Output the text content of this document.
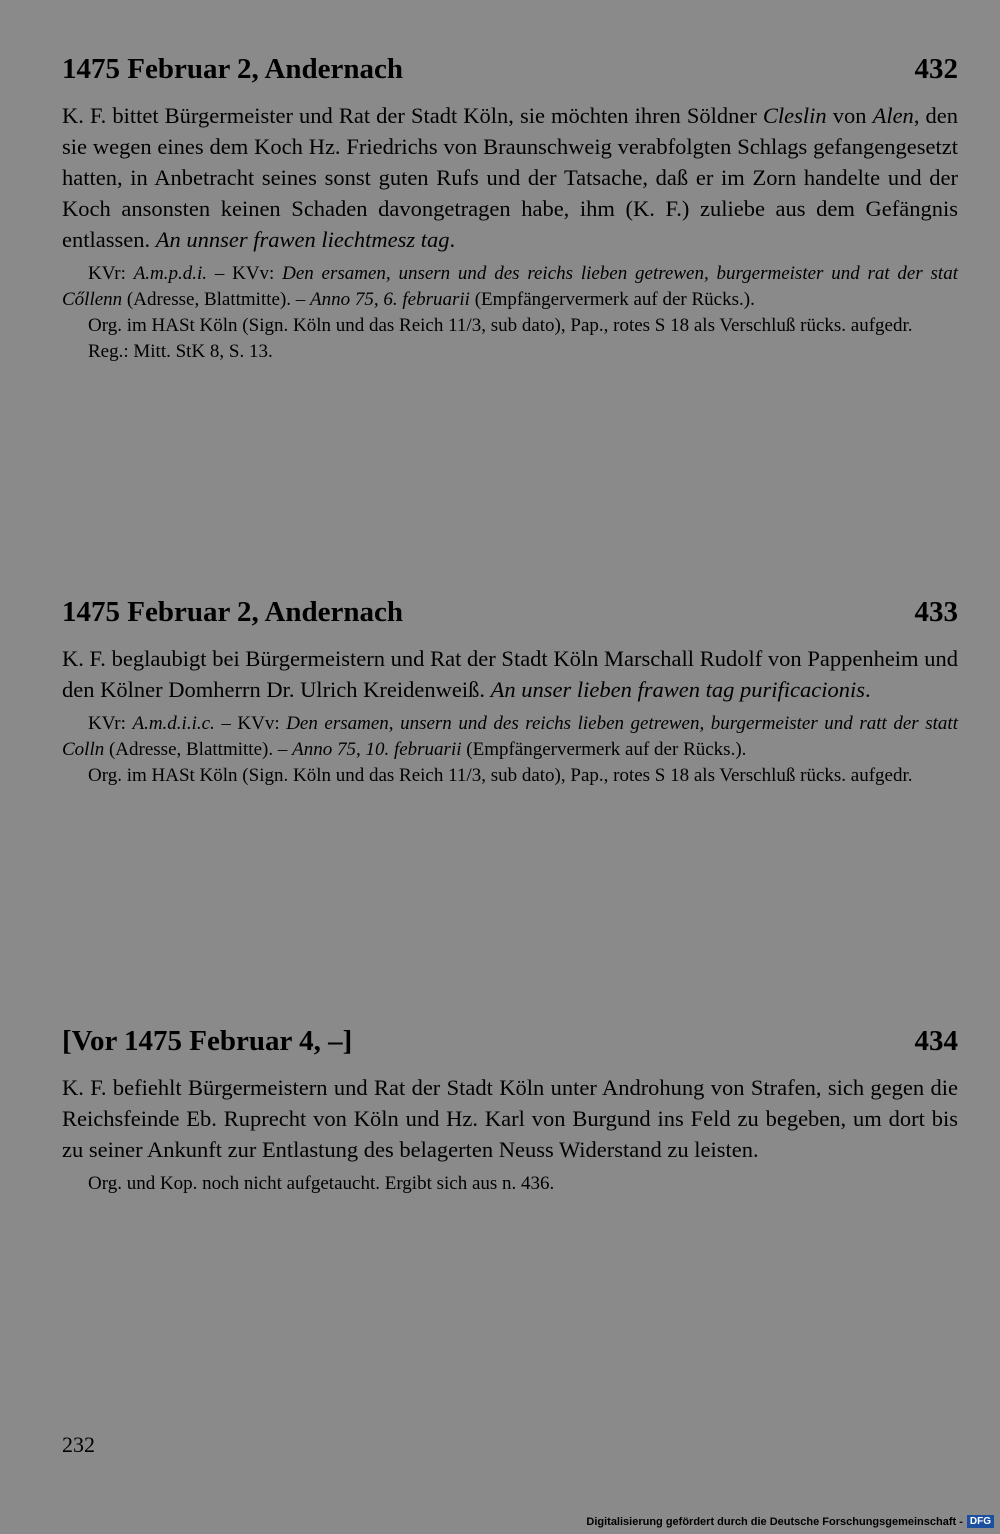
1475 Februar 2, Andernach	432
K. F. bittet Bürgermeister und Rat der Stadt Köln, sie möchten ihren Söldner Cleslin von Alen, den sie wegen eines dem Koch Hz. Friedrichs von Braunschweig verabfolgten Schlags gefangengesetzt hatten, in Anbetracht seines sonst guten Rufs und der Tatsache, daß er im Zorn handelte und der Koch ansonsten keinen Schaden davongetragen habe, ihm (K. F.) zuliebe aus dem Gefängnis entlassen. An unnser frawen liechtmesz tag.

KVr: A.m.p.d.i. – KVv: Den ersamen, unsern und des reichs lieben getrewen, burgermeister und rat der stat Cőllenn (Adresse, Blattmitte). – Anno 75, 6. februarii (Empfängervermerk auf der Rücks.).

Org. im HASt Köln (Sign. Köln und das Reich 11/3, sub dato), Pap., rotes S 18 als Verschluß rücks. aufgedr.

Reg.: Mitt. StK 8, S. 13.

1475 Februar 2, Andernach	433
K. F. beglaubigt bei Bürgermeistern und Rat der Stadt Köln Marschall Rudolf von Pappenheim und den Kölner Domherrn Dr. Ulrich Kreidenweiß. An unser lieben frawen tag purificacionis.

KVr: A.m.d.i.i.c. – KVv: Den ersamen, unsern und des reichs lieben getrewen, burgermeister und ratt der statt Colln (Adresse, Blattmitte). – Anno 75, 10. februarii (Empfängervermerk auf der Rücks.).

Org. im HASt Köln (Sign. Köln und das Reich 11/3, sub dato), Pap., rotes S 18 als Verschluß rücks. aufgedr.

[Vor 1475 Februar 4, –]	434
K. F. befiehlt Bürgermeistern und Rat der Stadt Köln unter Androhung von Strafen, sich gegen die Reichsfeinde Eb. Ruprecht von Köln und Hz. Karl von Burgund ins Feld zu begeben, um dort bis zu seiner Ankunft zur Entlastung des belagerten Neuss Widerstand zu leisten.

Org. und Kop. noch nicht aufgetaucht. Ergibt sich aus n. 436.

232
Digitalisierung gefördert durch die Deutsche Forschungsgemeinschaft - DFG
